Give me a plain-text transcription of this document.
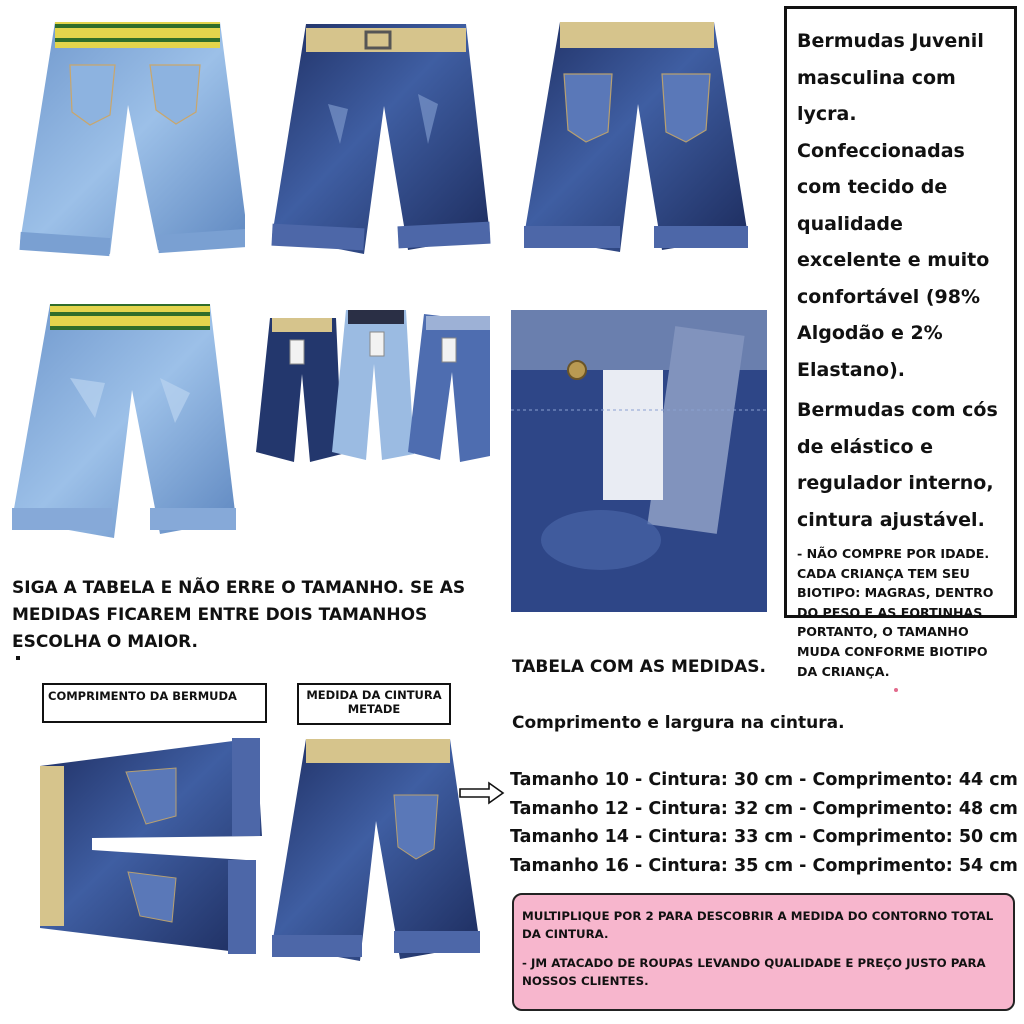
Bermudas Juvenil masculina com lycra. Confeccionadas com tecido de qualidade excelente e muito confortável (98% Algodão e 2% Elastano).

Bermudas com cós de elástico e regulador interno, cintura ajustável.

- NÃO COMPRE POR IDADE. CADA CRIANÇA TEM SEU BIOTIPO: MAGRAS, DENTRO DO PESO E AS FORTINHAS PORTANTO, O TAMANHO MUDA CONFORME BIOTIPO DA CRIANÇA.
SIGA A TABELA E NÃO ERRE O TAMANHO. SE AS
MEDIDAS FICAREM ENTRE DOIS TAMANHOS
ESCOLHA O MAIOR.
COMPRIMENTO DA BERMUDA	MEDIDA DA CINTURA
METADE
TABELA COM AS MEDIDAS.
Comprimento e largura na cintura.
Tamanho 10 - Cintura: 30 cm - Comprimento: 44 cm
Tamanho 12 - Cintura: 32 cm - Comprimento: 48 cm
Tamanho 14 - Cintura: 33 cm - Comprimento: 50 cm
Tamanho 16 - Cintura: 35 cm - Comprimento: 54 cm

MULTIPLIQUE POR 2 PARA DESCOBRIR A MEDIDA DO CONTORNO TOTAL DA CINTURA.

- JM ATACADO DE ROUPAS LEVANDO QUALIDADE E PREÇO JUSTO PARA NOSSOS CLIENTES.
